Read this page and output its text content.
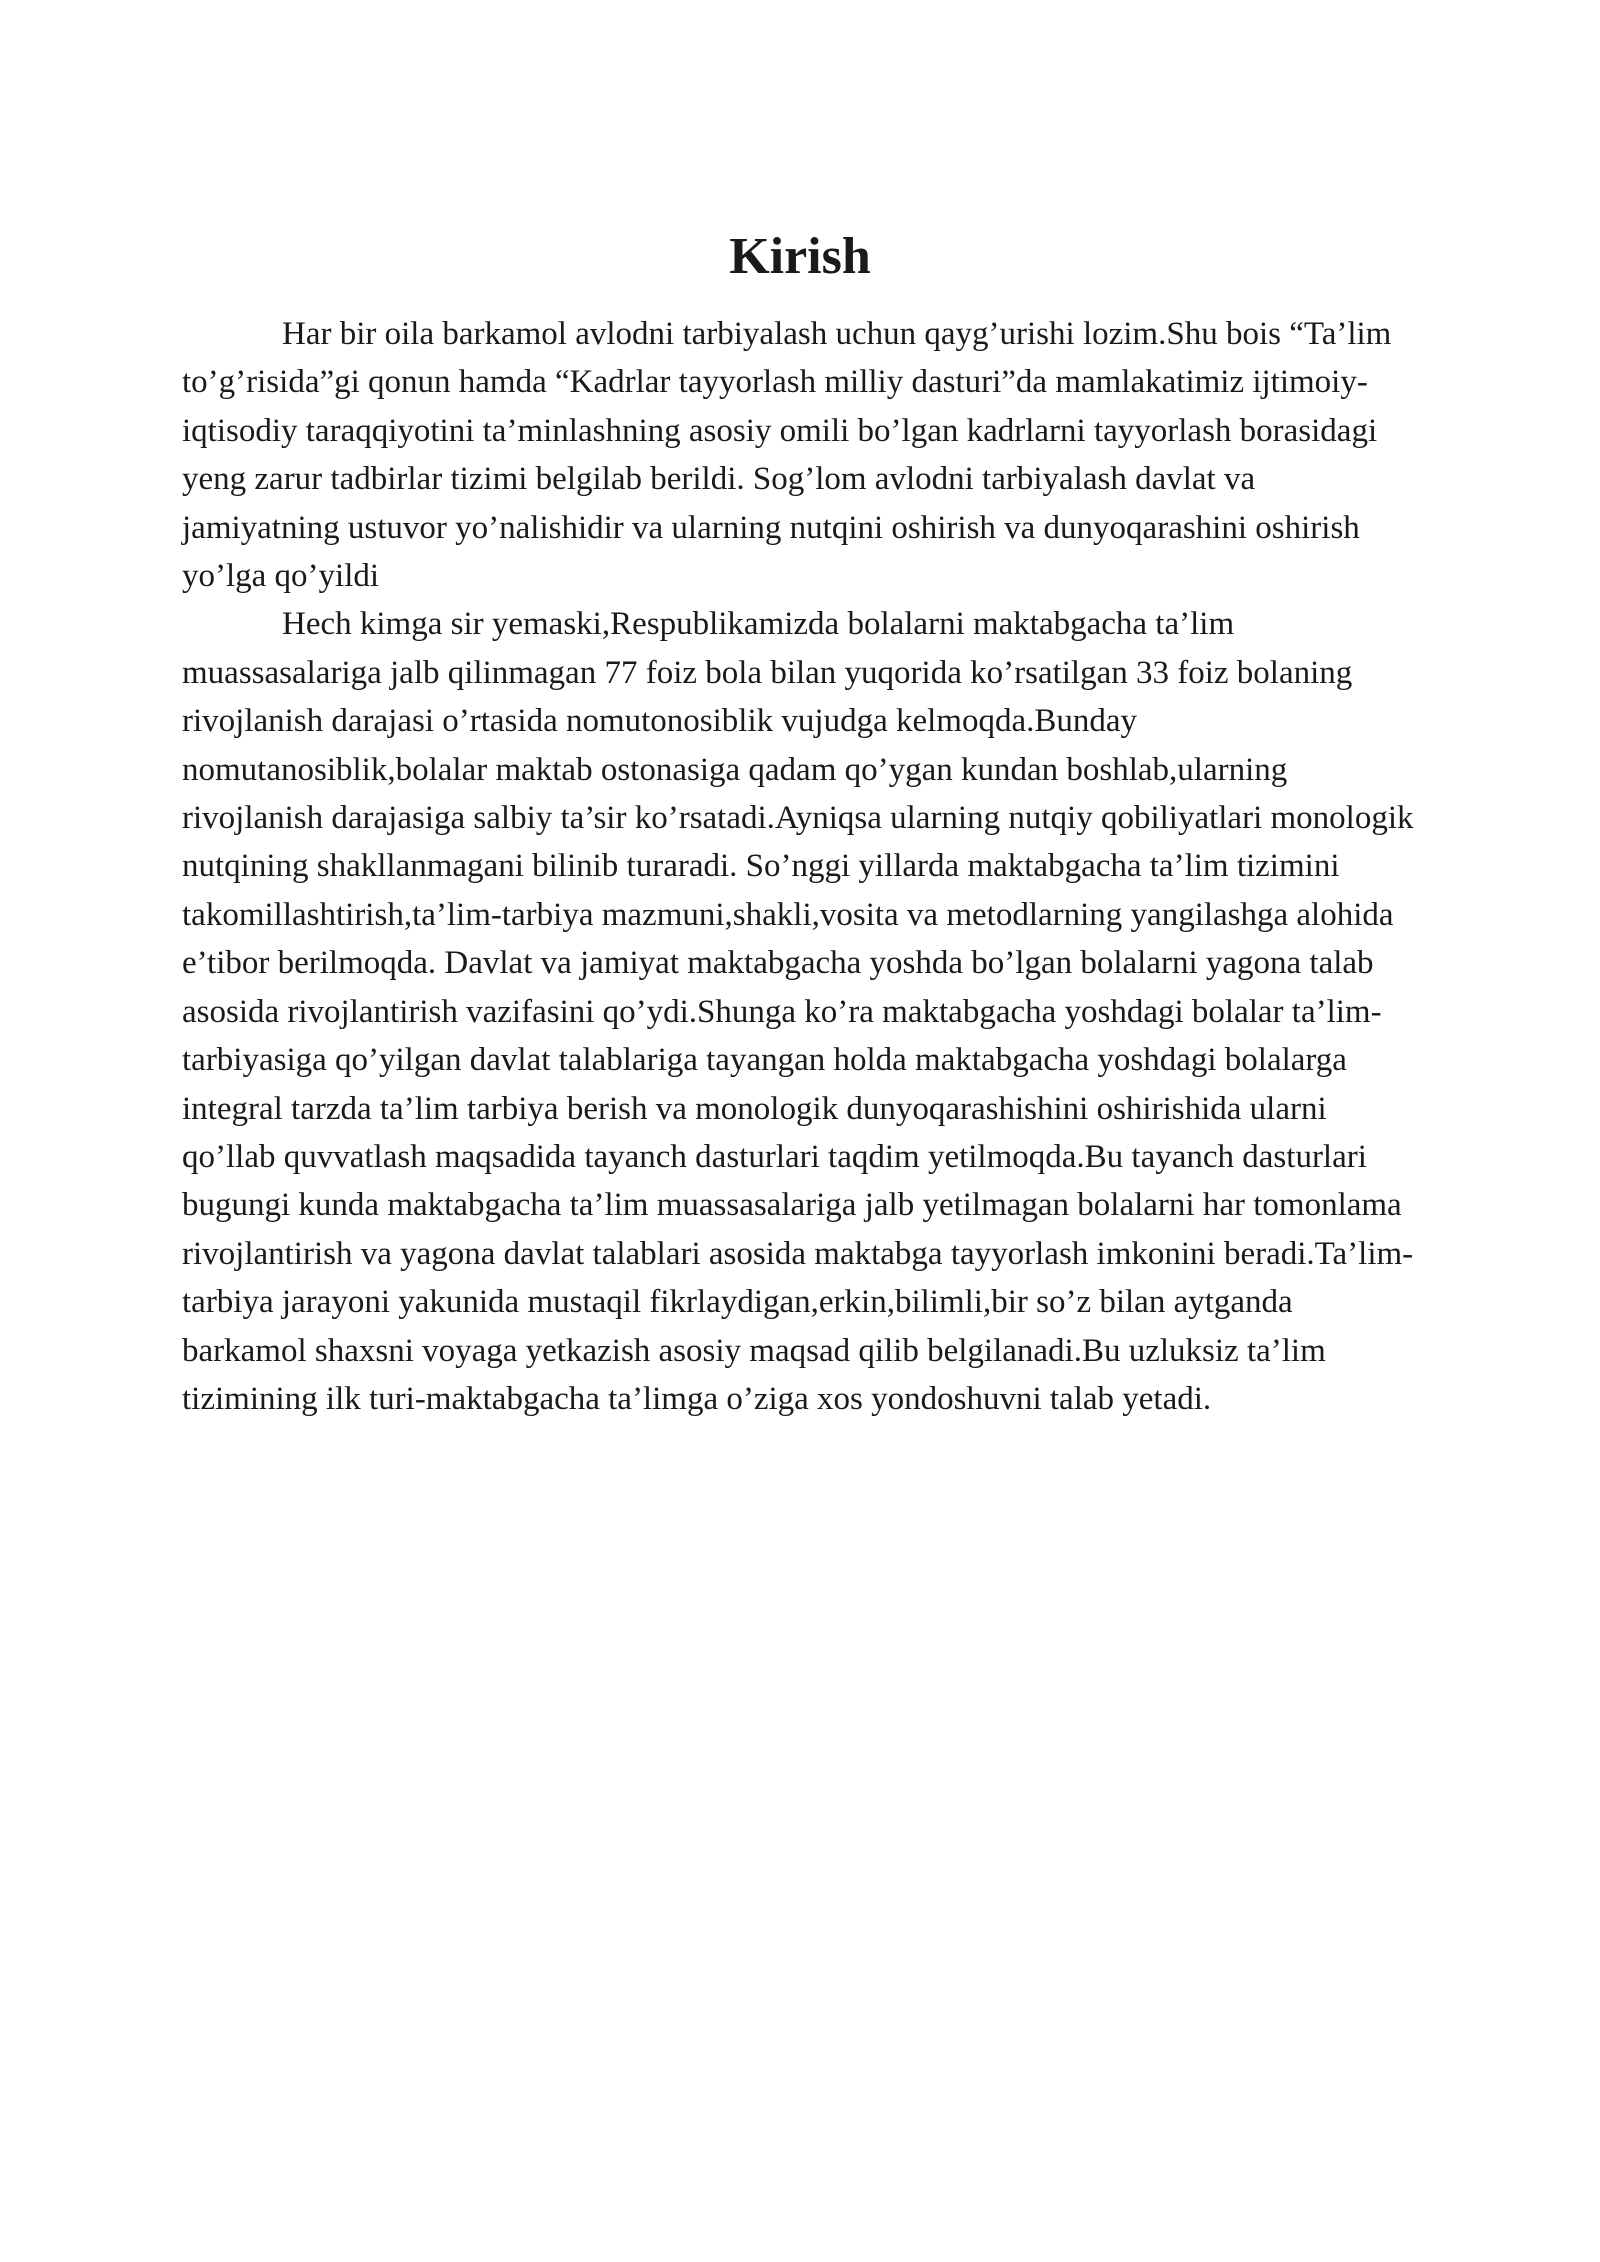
Kirish

Har bir oila barkamol avlodni tarbiyalash uchun qayg’urishi lozim.Shu bois “Ta’lim to’g’risida”gi qonun hamda “Kadrlar tayyorlash milliy dasturi”da mamlakatimiz ijtimoiy- iqtisodiy taraqqiyotini ta’minlashning asosiy omili bo’lgan kadrlarni tayyorlash borasidagi yeng zarur tadbirlar tizimi belgilab berildi. Sog’lom avlodni tarbiyalash davlat va jamiyatning ustuvor yo’nalishidir va ularning nutqini oshirish va dunyoqarashini oshirish yo’lga qo’yildi

Hech kimga sir yemaski,Respublikamizda bolalarni maktabgacha ta’lim muassasalariga jalb qilinmagan 77 foiz bola bilan yuqorida ko’rsatilgan 33 foiz bolaning rivojlanish darajasi o’rtasida nomutonosiblik vujudga kelmoqda.Bunday nomutanosiblik,bolalar maktab ostonasiga qadam qo’ygan kundan boshlab,ularning rivojlanish darajasiga salbiy ta’sir ko’rsatadi.Ayniqsa ularning nutqiy qobiliyatlari monologik nutqining shakllanmagani bilinib turaradi. So’nggi yillarda maktabgacha ta’lim tizimini takomillashtirish,ta’lim-tarbiya mazmuni,shakli,vosita va metodlarning yangilashga alohida e’tibor berilmoqda. Davlat va jamiyat maktabgacha yoshda bo’lgan bolalarni yagona talab asosida rivojlantirish vazifasini qo’ydi.Shunga ko’ra maktabgacha yoshdagi bolalar ta’lim-tarbiyasiga qo’yilgan davlat talablariga tayangan holda maktabgacha yoshdagi bolalarga integral tarzda ta’lim tarbiya berish va monologik dunyoqarashishini oshirishida ularni qo’llab quvvatlash maqsadida tayanch dasturlari taqdim yetilmoqda.Bu tayanch dasturlari bugungi kunda maktabgacha ta’lim muassasalariga jalb yetilmagan bolalarni har tomonlama rivojlantirish va yagona davlat talablari asosida maktabga tayyorlash imkonini beradi.Ta’lim-tarbiya jarayoni yakunida mustaqil fikrlaydigan,erkin,bilimli,bir so’z bilan aytganda barkamol shaxsni voyaga yetkazish asosiy maqsad qilib belgilanadi.Bu uzluksiz ta’lim tizimining ilk turi-maktabgacha ta’limga o’ziga xos yondoshuvni talab yetadi.
